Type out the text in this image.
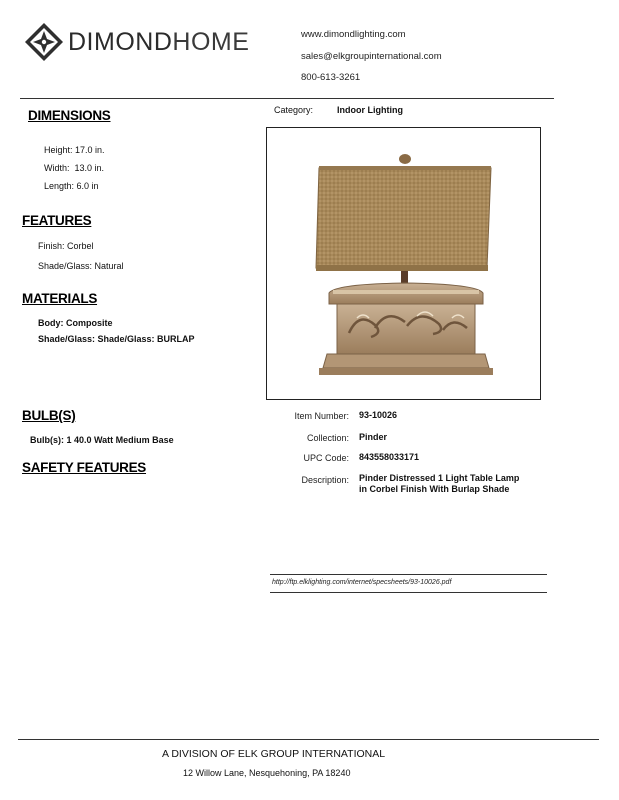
DIMONDHOME	www.dimondlighting.com
sales@elkgroupinternational.com
800-613-3261
Category:	Indoor Lighting
DIMENSIONS
Height: 17.0 in.
Width:  13.0 in.
Length: 6.0 in
FEATURES
Finish: Corbel
Shade/Glass: Natural
MATERIALS
Body: Composite
Shade/Glass: Shade/Glass: BURLAP
BULB(S)
Bulb(s): 1 40.0 Watt Medium Base
SAFETY FEATURES
Item Number: 93-10026
Collection: Pinder
UPC Code: 843558033171
Description: Pinder Distressed 1 Light Table Lamp
in Corbel Finish With Burlap Shade
http://ftp.elklighting.com/internet/specsheets/93-10026.pdf
A DIVISION OF ELK GROUP INTERNATIONAL
12 Willow Lane, Nesquehoning, PA 18240
